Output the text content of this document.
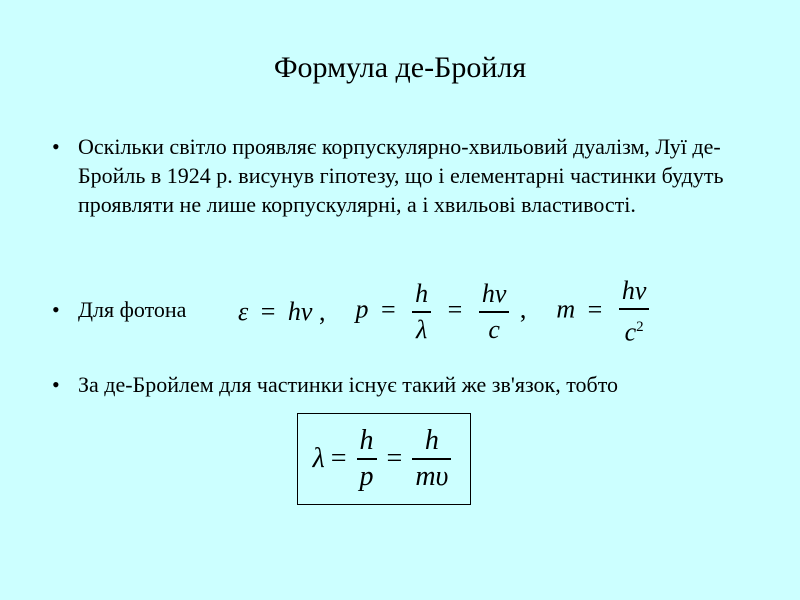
Формула де-Бройля
• Оскільки світло проявляє корпускулярно-хвильовий дуалізм, Луї де-Бройль в 1924 р. висунув гіпотезу, що і елементарні частинки будуть проявляти не лише корпускулярні, а і хвильові властивості.
• Для фотона	ε = hν , $p = \frac{h}{\lambda} = \frac{h\nu}{c}$ , $m = \frac{h\nu}{c^2}$
• За де-Бройлем для частинки існує такий же зв'язок, тобто
$\lambda = \frac{h}{p} = \frac{h}{m\upsilon}$
